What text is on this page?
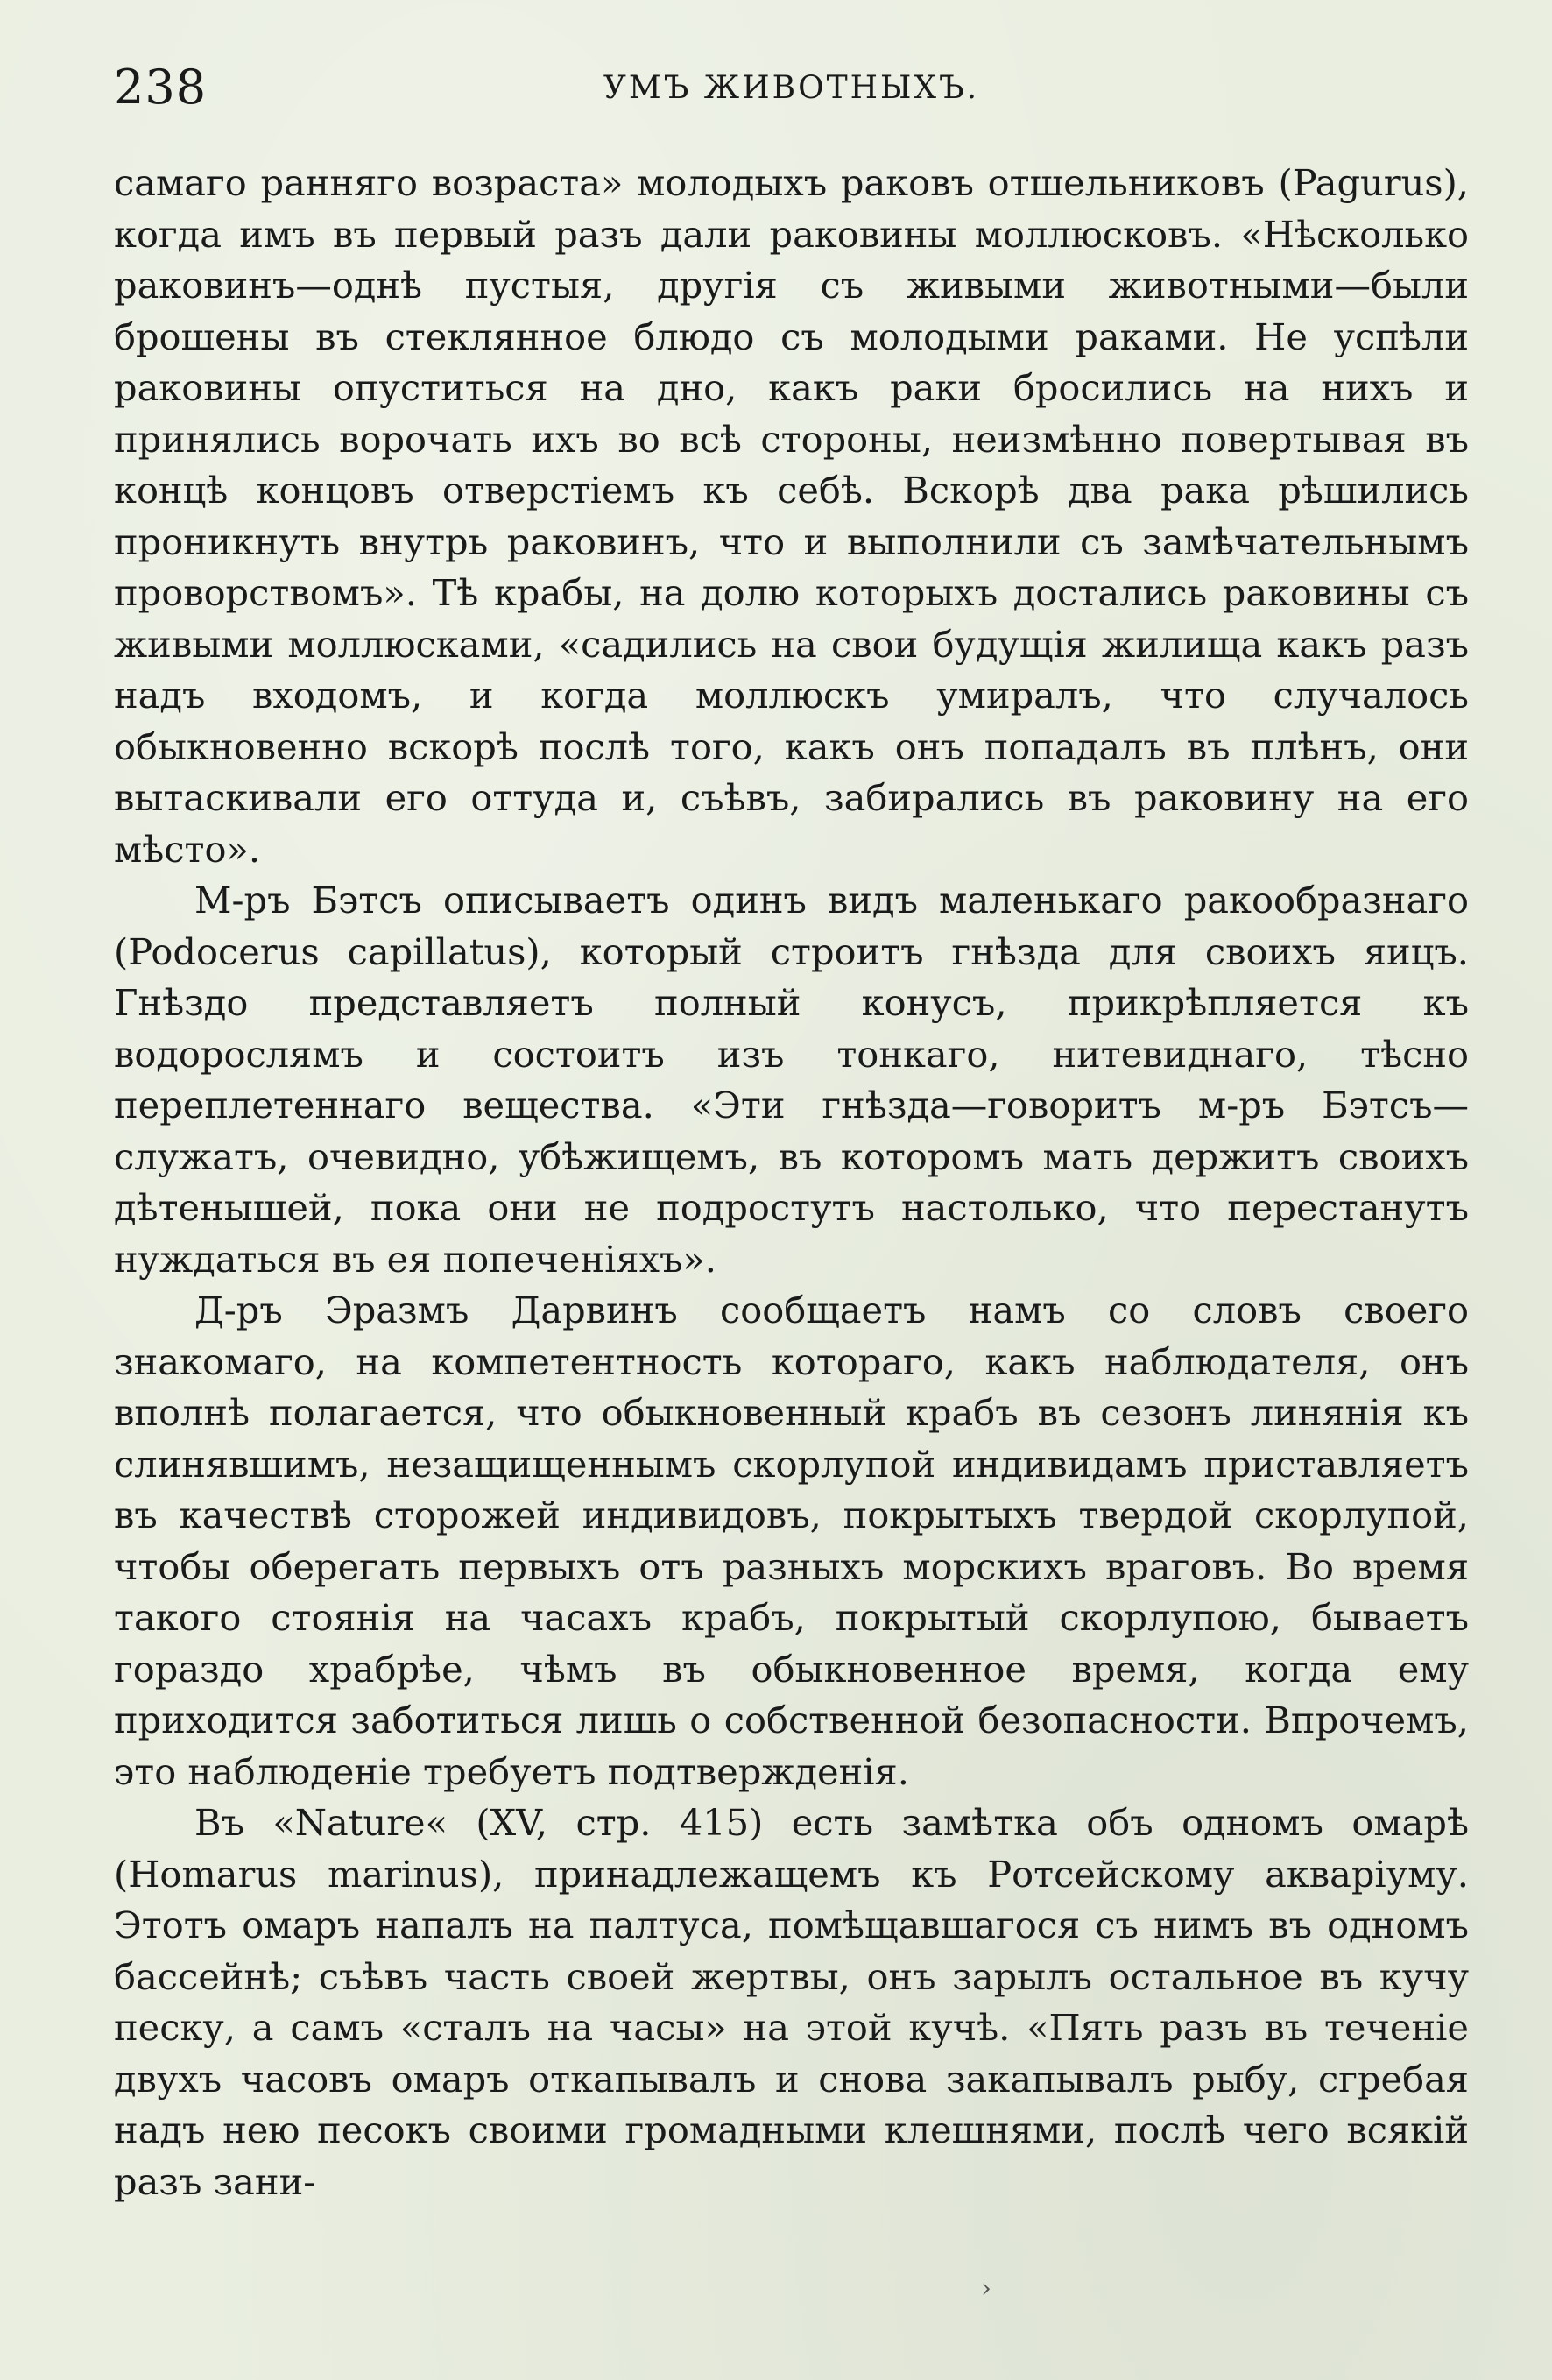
238	УМЪ ЖИВОТНЫХЪ.

самаго ранняго возраста» молодыхъ раковъ отшельниковъ (Pagurus), когда имъ въ первый разъ дали раковины моллюсковъ. «Нѣсколько раковинъ—однѣ пустыя, другія съ живыми животными—были брошены въ стеклянное блюдо съ молодыми раками. Не успѣли раковины опуститься на дно, какъ раки бросились на нихъ и принялись ворочать ихъ во всѣ стороны, неизмѣнно повертывая въ концѣ концовъ отверстіемъ къ себѣ. Вскорѣ два рака рѣшились проникнуть внутрь раковинъ, что и выполнили съ замѣчательнымъ проворствомъ». Тѣ крабы, на долю которыхъ достались раковины съ живыми моллюсками, «садились на свои будущія жилища какъ разъ надъ входомъ, и когда моллюскъ умиралъ, что случалось обыкновенно вскорѣ послѣ того, какъ онъ попадалъ въ плѣнъ, они вытаскивали его оттуда и, съѣвъ, забирались въ раковину на его мѣсто».

М-ръ Бэтсъ описываетъ одинъ видъ маленькаго ракообразнаго (Podocerus capillatus), который строитъ гнѣзда для своихъ яицъ. Гнѣздо представляетъ полный конусъ, прикрѣпляется къ водорослямъ и состоитъ изъ тонкаго, нитевиднаго, тѣсно переплетеннаго вещества. «Эти гнѣзда—говоритъ м-ръ Бэтсъ—служатъ, очевидно, убѣжищемъ, въ которомъ мать держитъ своихъ дѣтенышей, пока они не подростутъ настолько, что перестанутъ нуждаться въ ея попеченіяхъ».

Д-ръ Эразмъ Дарвинъ сообщаетъ намъ со словъ своего знакомаго, на компетентность котораго, какъ наблюдателя, онъ вполнѣ полагается, что обыкновенный крабъ въ сезонъ линянія къ слинявшимъ, незащищеннымъ скорлупой индивидамъ приставляетъ въ качествѣ сторожей индивидовъ, покрытыхъ твердой скорлупой, чтобы оберегать первыхъ отъ разныхъ морскихъ враговъ. Во время такого стоянія на часахъ крабъ, покрытый скорлупою, бываетъ гораздо храбрѣе, чѣмъ въ обыкновенное время, когда ему приходится заботиться лишь о собственной безопасности. Впрочемъ, это наблюденіе требуетъ подтвержденія.

Въ «Nature« (XV, стр. 415) есть замѣтка объ одномъ омарѣ (Homarus marinus), принадлежащемъ къ Ротсейскому акваріуму. Этотъ омаръ напалъ на палтуса, помѣщавшагося съ нимъ въ одномъ бассейнѣ; съѣвъ часть своей жертвы, онъ зарылъ остальное въ кучу песку, а самъ «сталъ на часы» на этой кучѣ. «Пять разъ въ теченіе двухъ часовъ омаръ откапывалъ и снова закапывалъ рыбу, сгребая надъ нею песокъ своими громадными клешнями, послѣ чего всякій разъ зани-

›
